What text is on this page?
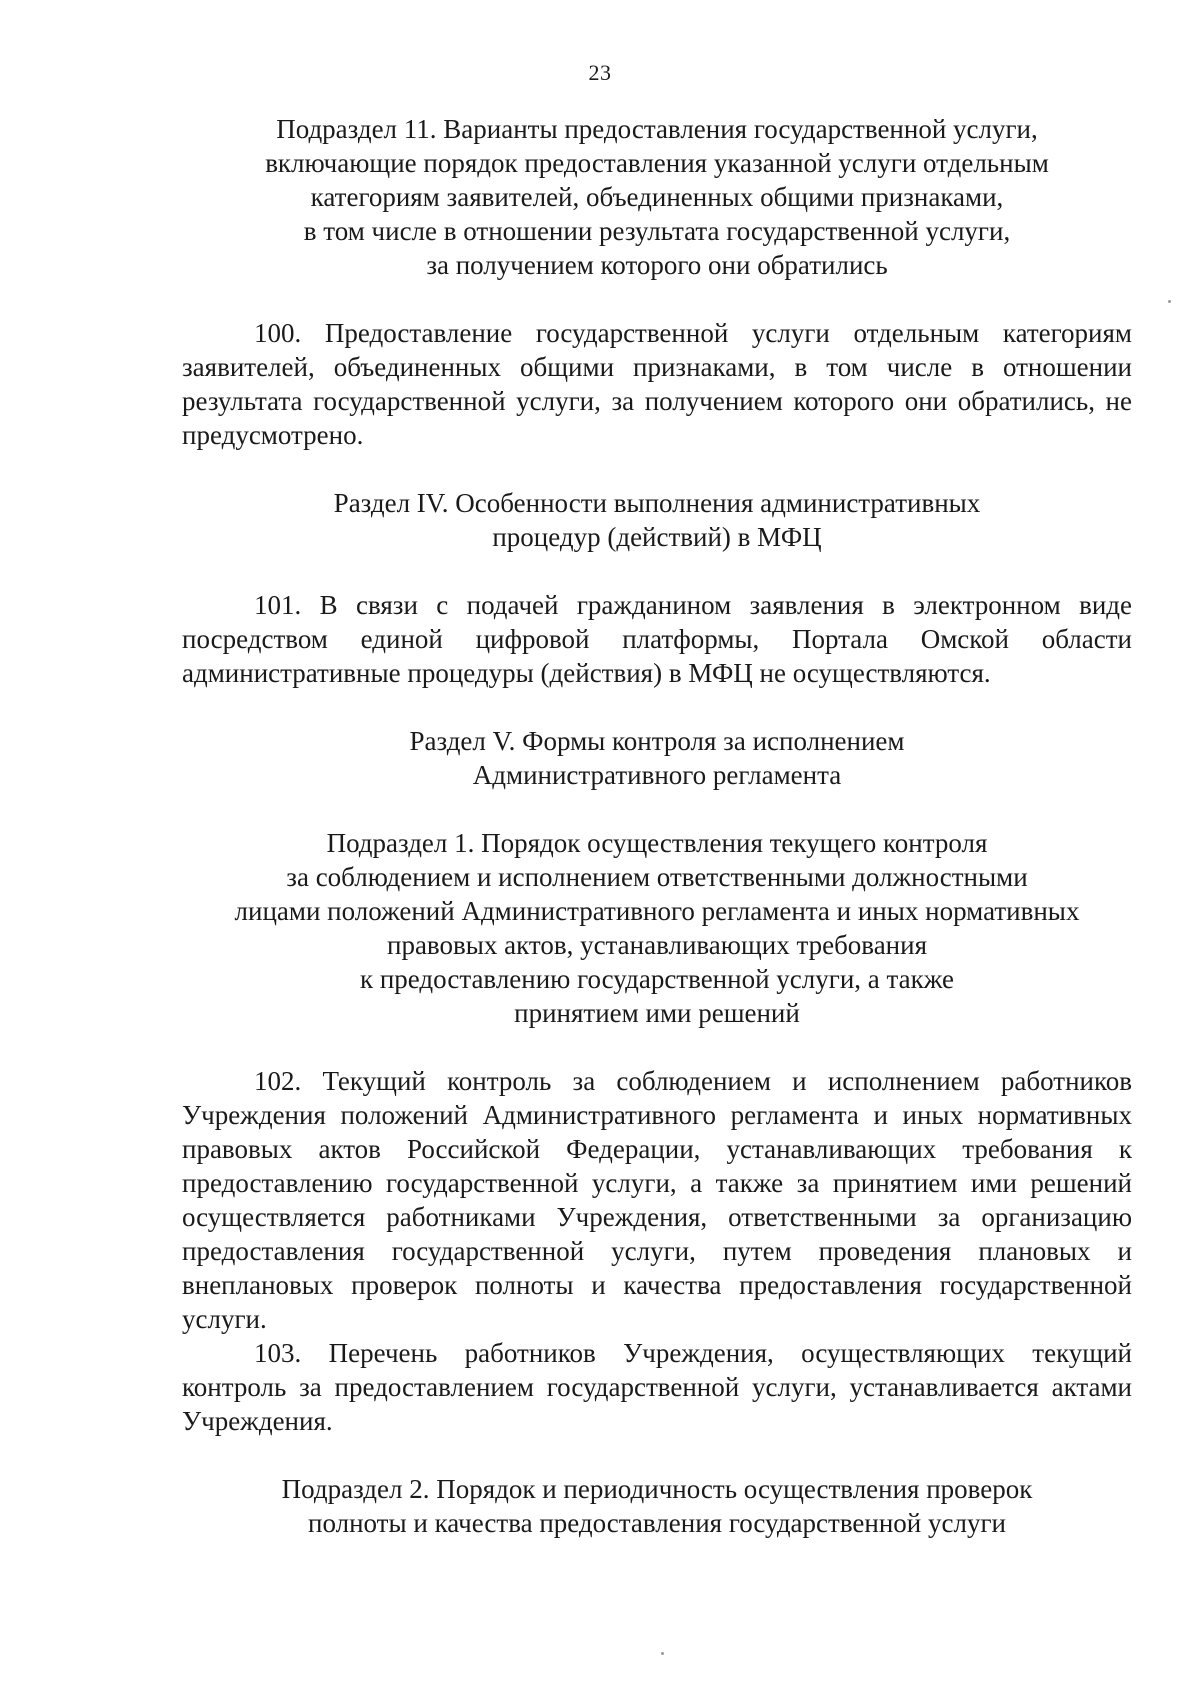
23
Подраздел 11. Варианты предоставления государственной услуги,
включающие порядок предоставления указанной услуги отдельным
категориям заявителей, объединенных общими признаками,
в том числе в отношении результата государственной услуги,
за получением которого они обратились

100. Предоставление государственной услуги отдельным категориям заявителей, объединенных общими признаками, в том числе в отношении результата государственной услуги, за получением которого они обратились, не предусмотрено.

Раздел IV. Особенности выполнения административных
процедур (действий) в МФЦ

101. В связи с подачей гражданином заявления в электронном виде посредством единой цифровой платформы, Портала Омской области административные процедуры (действия) в МФЦ не осуществляются.

Раздел V. Формы контроля за исполнением
Административного регламента
Подраздел 1. Порядок осуществления текущего контроля
за соблюдением и исполнением ответственными должностными
лицами положений Административного регламента и иных нормативных
правовых актов, устанавливающих требования
к предоставлению государственной услуги, а также
принятием ими решений

102. Текущий контроль за соблюдением и исполнением работников Учреждения положений Административного регламента и иных нормативных правовых актов Российской Федерации, устанавливающих требования к предоставлению государственной услуги, а также за принятием ими решений осуществляется работниками Учреждения, ответственными за организацию предоставления государственной услуги, путем проведения плановых и внеплановых проверок полноты и качества предоставления государственной услуги.

103. Перечень работников Учреждения, осуществляющих текущий контроль за предоставлением государственной услуги, устанавливается актами Учреждения.

Подраздел 2. Порядок и периодичность осуществления проверок
полноты и качества предоставления государственной услуги
